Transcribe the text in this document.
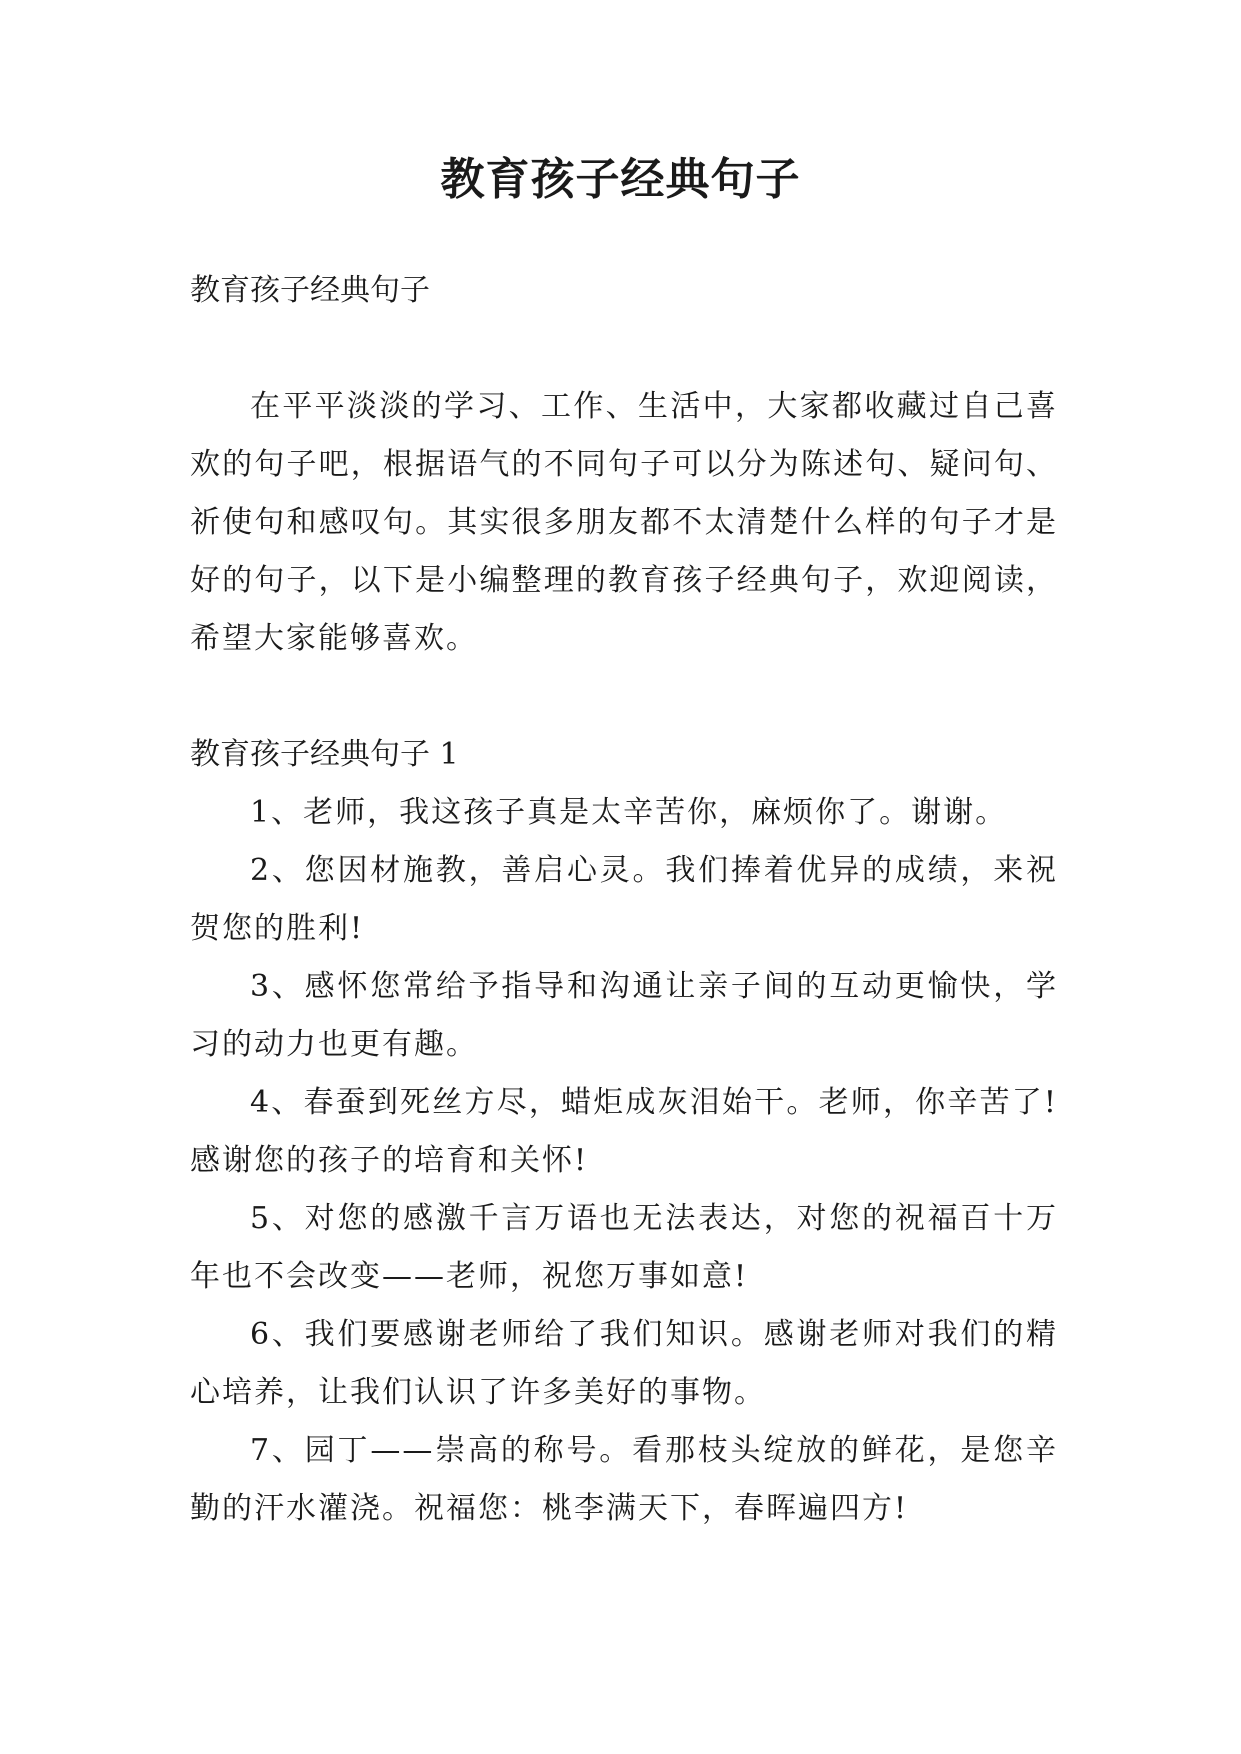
教育孩子经典句子

教育孩子经典句子

在平平淡淡的学习、工作、生活中，大家都收藏过自己喜欢的句子吧，根据语气的不同句子可以分为陈述句、疑问句、祈使句和感叹句。其实很多朋友都不太清楚什么样的句子才是好的句子，以下是小编整理的教育孩子经典句子，欢迎阅读，希望大家能够喜欢。

教育孩子经典句子 1

1、老师，我这孩子真是太辛苦你，麻烦你了。谢谢。

2、您因材施教，善启心灵。我们捧着优异的成绩，来祝贺您的胜利!

3、感怀您常给予指导和沟通让亲子间的互动更愉快，学习的动力也更有趣。

4、春蚕到死丝方尽，蜡炬成灰泪始干。老师，你辛苦了!感谢您的孩子的培育和关怀!

5、对您的感激千言万语也无法表达，对您的祝福百十万年也不会改变——老师，祝您万事如意!

6、我们要感谢老师给了我们知识。感谢老师对我们的精心培养，让我们认识了许多美好的事物。

7、园丁——崇高的称号。看那枝头绽放的鲜花，是您辛勤的汗水灌浇。祝福您：桃李满天下，春晖遍四方!
